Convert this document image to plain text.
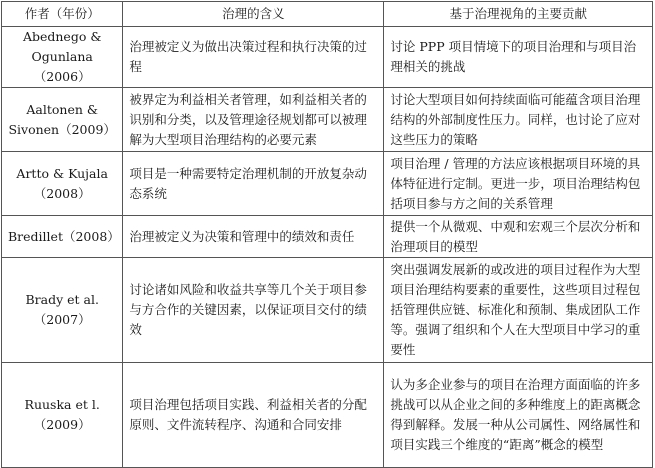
作者（年份）	治理的含义	基于治理视角的主要贡献
Abednego & Ogunlana（2006）	治理被定义为做出决策过程和执行决策的过程	讨论 PPP 项目情境下的项目治理和与项目治理相关的挑战
Aaltonen & Sivonen（2009）	被界定为利益相关者管理，如利益相关者的识别和分类，以及管理途径规划都可以被理解为大型项目治理结构的必要元素	讨论大型项目如何持续面临可能蕴含项目治理结构的外部制度性压力。同样，也讨论了应对这些压力的策略
Artto & Kujala（2008）	项目是一种需要特定治理机制的开放复杂动态系统	项目治理 / 管理的方法应该根据项目环境的具体特征进行定制。更进一步，项目治理结构包括项目参与方之间的关系管理
Bredillet（2008）	治理被定义为决策和管理中的绩效和责任	提供一个从微观、中观和宏观三个层次分析和治理项目的模型
Brady et al.（2007）	讨论诸如风险和收益共享等几个关于项目参与方合作的关键因素，以保证项目交付的绩效	突出强调发展新的或改进的项目过程作为大型项目治理结构要素的重要性，这些项目过程包括管理供应链、标准化和预制、集成团队工作等。强调了组织和个人在大型项目中学习的重要性
Ruuska et l.（2009）	项目治理包括项目实践、利益相关者的分配原则、文件流转程序、沟通和合同安排	认为多企业参与的项目在治理方面面临的许多挑战可以从企业之间的多种维度上的距离概念得到解释。发展一种从公司属性、网络属性和项目实践三个维度的“距离”概念的模型
